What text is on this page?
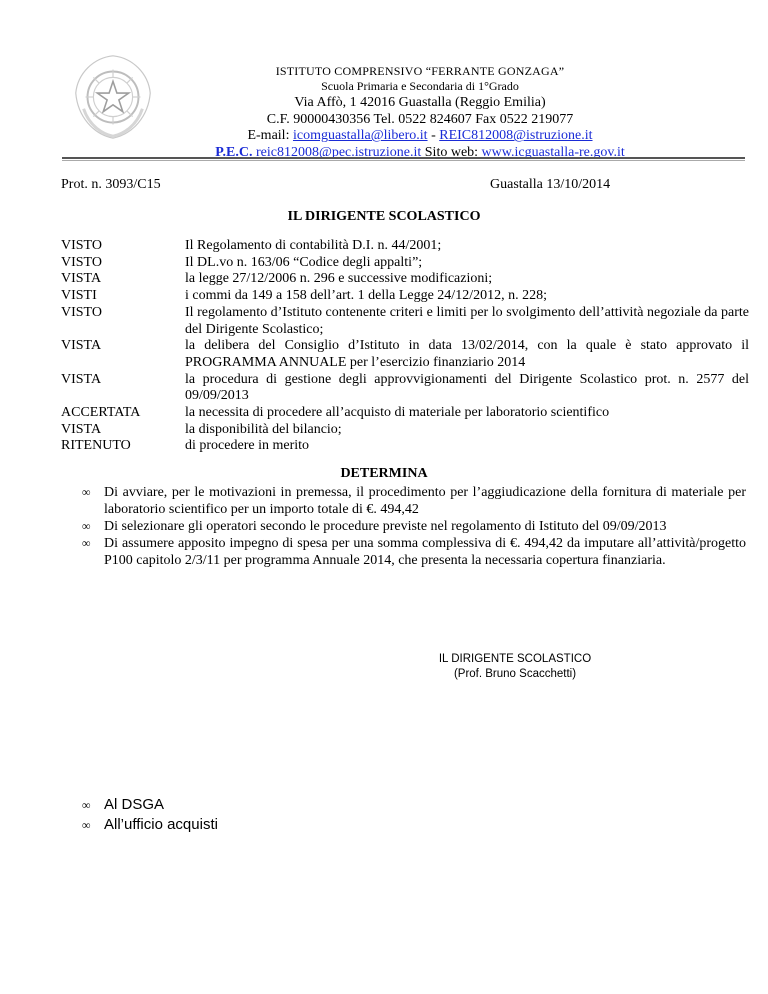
ISTITUTO COMPRENSIVO “FERRANTE GONZAGA”
Scuola Primaria e Secondaria di 1°Grado
Via Affò, 1 42016 Guastalla (Reggio Emilia)
C.F. 90000430356 Tel. 0522 824607 Fax 0522 219077
E-mail: icomguastalla@libero.it - REIC812008@istruzione.it
P.E.C. reic812008@pec.istruzione.it Sito web: www.icguastalla-re.gov.it
Prot. n. 3093/C15	Guastalla 13/10/2014
IL DIRIGENTE SCOLASTICO
VISTO	Il Regolamento di contabilità D.I. n. 44/2001;
VISTO	Il DL.vo n. 163/06 “Codice degli appalti”;
VISTA	la legge 27/12/2006 n. 296 e successive modificazioni;
VISTI	i commi da 149 a 158 dell’art. 1 della Legge 24/12/2012, n. 228;
VISTO	Il regolamento d’Istituto contenente criteri e limiti per lo svolgimento dell’attività negoziale da parte del Dirigente Scolastico;
VISTA	la delibera del Consiglio d’Istituto in data 13/02/2014, con la quale è stato approvato il PROGRAMMA ANNUALE per l’esercizio finanziario 2014
VISTA	la procedura di gestione degli approvvigionamenti del Dirigente Scolastico prot. n. 2577 del 09/09/2013
ACCERTATA	la necessita di procedere all’acquisto di materiale per laboratorio scientifico
VISTA	la disponibilità del bilancio;
RITENUTO	di procedere in merito
DETERMINA
∞ Di avviare, per le motivazioni in premessa, il procedimento per l’aggiudicazione della fornitura di materiale per laboratorio scientifico per un importo totale di €. 494,42
∞ Di selezionare gli operatori secondo le procedure previste nel regolamento di Istituto del 09/09/2013
∞ Di assumere apposito impegno di spesa per una somma complessiva di €. 494,42 da imputare all’attività/progetto P100 capitolo 2/3/11 per programma Annuale 2014, che presenta la necessaria copertura finanziaria.
IL DIRIGENTE SCOLASTICO
(Prof. Bruno Scacchetti)
∞ Al DSGA
∞ All’ufficio acquisti
